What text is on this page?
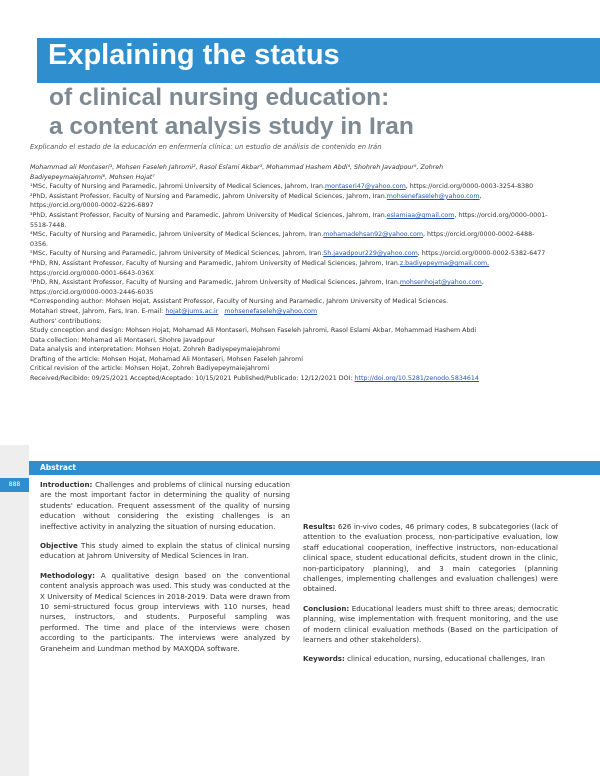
Explaining the status
of clinical nursing education:
a content analysis study in Iran
Explicando el estado de la educación en enfermería clínica: un estudio de análisis de contenido en Irán

Mohammad ali Montaseri¹, Mohsen Faseleh Jahromi², Rasol Eslami Akbar³, Mohammad Hashem Abdi⁴, Shohreh Javadpour⁵, Zohreh

Badiyepeymaiejahromi⁶, Mohsen Hojat⁷

¹MSc, Faculty of Nursing and Paramedic, Jahromi University of Medical Sciences, Jahrom, Iran.montaseri47@yahoo.com, https://orcid.org/0000-0003-3254-8380

²PhD, Assistant Professor, Faculty of Nursing and Paramedic, Jahrom University of Medical Sciences, Jahrom, Iran.mohsenefaseleh@yahoo.com, https://orcid.org/0000-0002-6226-6897

³PhD, Assistant Professor, Faculty of Nursing and Paramedic, Jahrom University of Medical Sciences, Jahrom, Iran.eslamiaa@gmail.com, https://orcid.org/0000-0001-5518-7448.

⁴MSc, Faculty of Nursing and Paramedic, Jahrom University of Medical Sciences, Jahrom, Iran.mohamadehsan92@yahoo.com, https://orcid.org/0000-0002-6488-0356.

⁵MSc, Faculty of Nursing and Paramedic, Jahrom University of Medical Sciences, Jahrom, Iran.Sh.javadpour229@yahoo.com, https://orcid.org/0000-0002-5382-6477

⁶PhD, RN, Assistant Professor, Faculty of Nursing and Paramedic, Jahrom University of Medical Sciences, Jahrom, Iran.z.badiyepeyma@gmail.com, https://orcid.org/0000-0001-6643-036X

⁷PhD, RN, Assistant Professor, Faculty of Nursing and Paramedic, Jahrom University of Medical Sciences, Jahrom, Iran.mohsenhojat@yahoo.com, https://orcid.org/0000-0003-2446-6035

*Corresponding author: Mohsen Hojat, Assistant Professor, Faculty of Nursing and Paramedic, Jahrom University of Medical Sciences.

Motahari street, Jahrom, Fars, Iran. E-mail: hojat@jums.ac.ir mohsenefaseleh@yahoo.com

Authors' contributions:

Study conception and design: Mohsen Hojat, Mohamad Ali Montaseri, Mohsen Faseleh Jahromi, Rasol Eslami Akbar, Mohammad Hashem Abdi

Data collection: Mohamad ali Montaseri, Shohre Javadpour

Data analysis and interpretation: Mohsen Hojat, Zohreh Badiyepeymaiejahromi

Drafting of the article: Mohsen Hojat, Mohamad Ali Montaseri, Mohsen Faseleh Jahromi

Critical revision of the article: Mohsen Hojat, Zohreh Badiyepeymaiejahromi

Received/Recibido: 09/25/2021 Accepted/Aceptado: 10/15/2021 Published/Publicado: 12/12/2021 DOI: http://doi.org/10.5281/zenodo.5834614

888
Abstract

Introduction: Challenges and problems of clinical nursing education are the most important factor in determining the quality of nursing students' education. Frequent assessment of the quality of nursing education without considering the existing challenges is an ineffective activity in analyzing the situation of nursing education.

Objective This study aimed to explain the status of clinical nursing education at Jahrom University of Medical Sciences in Iran.

Methodology: A qualitative design based on the conventional content analysis approach was used. This study was conducted at the X University of Medical Sciences in 2018-2019. Data were drawn from 10 semi-structured focus group interviews with 110 nurses, head nurses, instructors, and students. Purposeful sampling was performed. The time and place of the interviews were chosen according to the participants. The interviews were analyzed by Graneheim and Lundman method by MAXQDA software.

Results: 626 in-vivo codes, 46 primary codes, 8 subcategories (lack of attention to the evaluation process, non-participative evaluation, low staff educational cooperation, ineffective instructors, non-educational clinical space, student educational deficits, student drown in the clinic, non-participatory planning), and 3 main categories (planning challenges, implementing challenges and evaluation challenges) were obtained.

Conclusion: Educational leaders must shift to three areas; democratic planning, wise implementation with frequent monitoring, and the use of modern clinical evaluation methods (Based on the participation of learners and other stakeholders).

Keywords: clinical education, nursing, educational challenges, Iran
